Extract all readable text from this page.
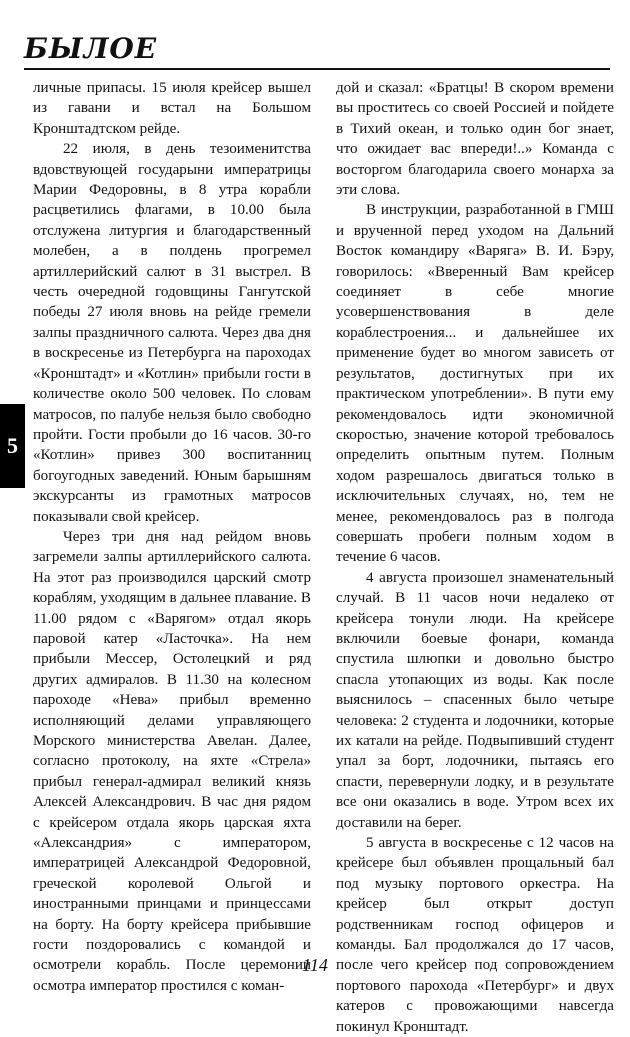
БЫЛОЕ
5

личные припасы. 15 июля крейсер вышел из гавани и встал на Большом Кронштадтском рейде.

22 июля, в день тезоименитства вдовствующей государыни императрицы Марии Федоровны, в 8 утра корабли расцветились флагами, в 10.00 была отслужена литургия и благодарственный молебен, а в полдень прогремел артиллерийский салют в 31 выстрел. В честь очередной годовщины Гангутской победы 27 июля вновь на рейде гремели залпы праздничного салюта. Через два дня в воскресенье из Петербурга на пароходах «Кронштадт» и «Котлин» прибыли гости в количестве около 500 человек. По словам матросов, по палубе нельзя было свободно пройти. Гости пробыли до 16 часов. 30-го «Котлин» привез 300 воспитанниц богоугодных заведений. Юным барышням экскурсанты из грамотных матросов показывали свой крейсер.

Через три дня над рейдом вновь загремели залпы артиллерийского салюта. На этот раз производился царский смотр кораблям, уходящим в дальнее плавание. В 11.00 рядом с «Варягом» отдал якорь паровой катер «Ласточка». На нем прибыли Мессер, Остолецкий и ряд других адмиралов. В 11.30 на колесном пароходе «Нева» прибыл временно исполняющий делами управляющего Морского министерства Авелан. Далее, согласно протоколу, на яхте «Стрела» прибыл генерал-адмирал великий князь Алексей Александрович. В час дня рядом с крейсером отдала якорь царская яхта «Александрия» с императором, императрицей Александрой Федоровной, греческой королевой Ольгой и иностранными принцами и принцессами на борту. На борту крейсера прибывшие гости поздоровались с командой и осмотрели корабль. После церемонии осмотра император простился с коман-

дой и сказал: «Братцы! В скором времени вы проститесь со своей Россией и пойдете в Тихий океан, и только один бог знает, что ожидает вас впереди!..» Команда с восторгом благодарила своего монарха за эти слова.

В инструкции, разработанной в ГМШ и врученной перед уходом на Дальний Восток командиру «Варяга» В. И. Бэру, говорилось: «Вверенный Вам крейсер соединяет в себе многие усовершенствования в деле кораблестроения... и дальнейшее их применение будет во многом зависеть от результатов, достигнутых при их практическом употреблении». В пути ему рекомендовалось идти экономичной скоростью, значение которой требовалось определить опытным путем. Полным ходом разрешалось двигаться только в исключительных случаях, но, тем не менее, рекомендовалось раз в полгода совершать пробеги полным ходом в течение 6 часов.

4 августа произошел знаменательный случай. В 11 часов ночи недалеко от крейсера тонули люди. На крейсере включили боевые фонари, команда спустила шлюпки и довольно быстро спасла утопающих из воды. Как после выяснилось – спасенных было четыре человека: 2 студента и лодочники, которые их катали на рейде. Подвыпивший студент упал за борт, лодочники, пытаясь его спасти, перевернули лодку, и в результате все они оказались в воде. Утром всех их доставили на берег.

5 августа в воскресенье с 12 часов на крейсере был объявлен прощальный бал под музыку портового оркестра. На крейсер был открыт доступ родственникам господ офицеров и команды. Бал продолжался до 17 часов, после чего крейсер под сопровождением портового парохода «Петербург» и двух катеров с провожающими навсегда покинул Кронштадт.

114
